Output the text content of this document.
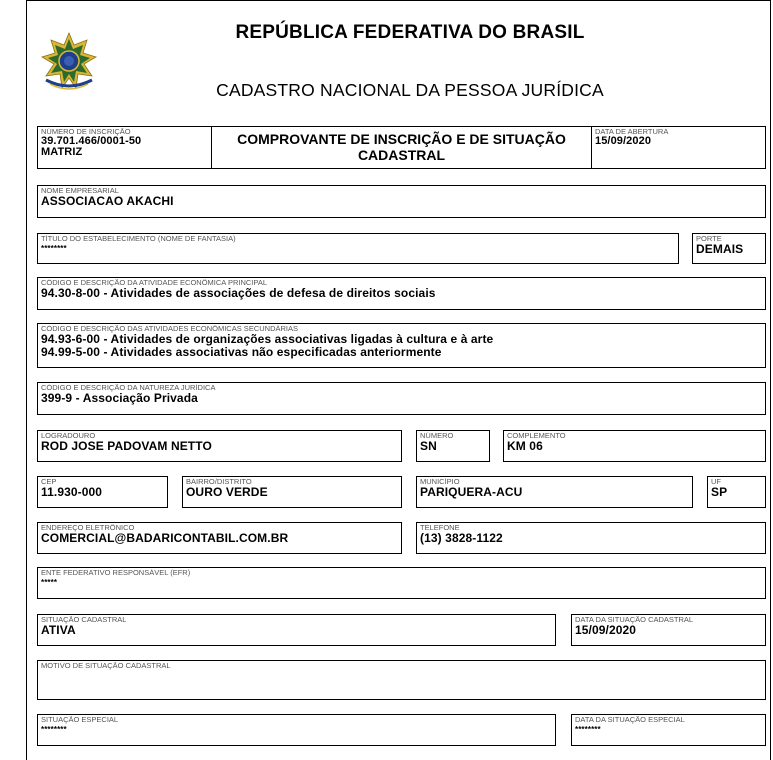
REPÚBLICA FEDERATIVA DO BRASIL
CADASTRO NACIONAL DA PESSOA JURÍDICA
NÚMERO DE INSCRIÇÃO
39.701.466/0001-50
MATRIZ
COMPROVANTE DE INSCRIÇÃO E DE SITUAÇÃO
CADASTRAL
DATA DE ABERTURA
15/09/2020
NOME EMPRESARIAL
ASSOCIACAO AKACHI
TÍTULO DO ESTABELECIMENTO (NOME DE FANTASIA)
********
PORTE
DEMAIS
CÓDIGO E DESCRIÇÃO DA ATIVIDADE ECONÔMICA PRINCIPAL
94.30-8-00 - Atividades de associações de defesa de direitos sociais
CÓDIGO E DESCRIÇÃO DAS ATIVIDADES ECONÔMICAS SECUNDÁRIAS
94.93-6-00 - Atividades de organizações associativas ligadas à cultura e à arte
94.99-5-00 - Atividades associativas não especificadas anteriormente
CÓDIGO E DESCRIÇÃO DA NATUREZA JURÍDICA
399-9 - Associação Privada
LOGRADOURO
ROD JOSE PADOVAM NETTO
NÚMERO
SN
COMPLEMENTO
KM 06
CEP
11.930-000
BAIRRO/DISTRITO
OURO VERDE
MUNICÍPIO
PARIQUERA-ACU
UF
SP
ENDEREÇO ELETRÔNICO
COMERCIAL@BADARICONTABIL.COM.BR
TELEFONE
(13) 3828-1122
ENTE FEDERATIVO RESPONSÁVEL (EFR)
*****
SITUAÇÃO CADASTRAL
ATIVA
DATA DA SITUAÇÃO CADASTRAL
15/09/2020
MOTIVO DE SITUAÇÃO CADASTRAL
SITUAÇÃO ESPECIAL
********
DATA DA SITUAÇÃO ESPECIAL
********
